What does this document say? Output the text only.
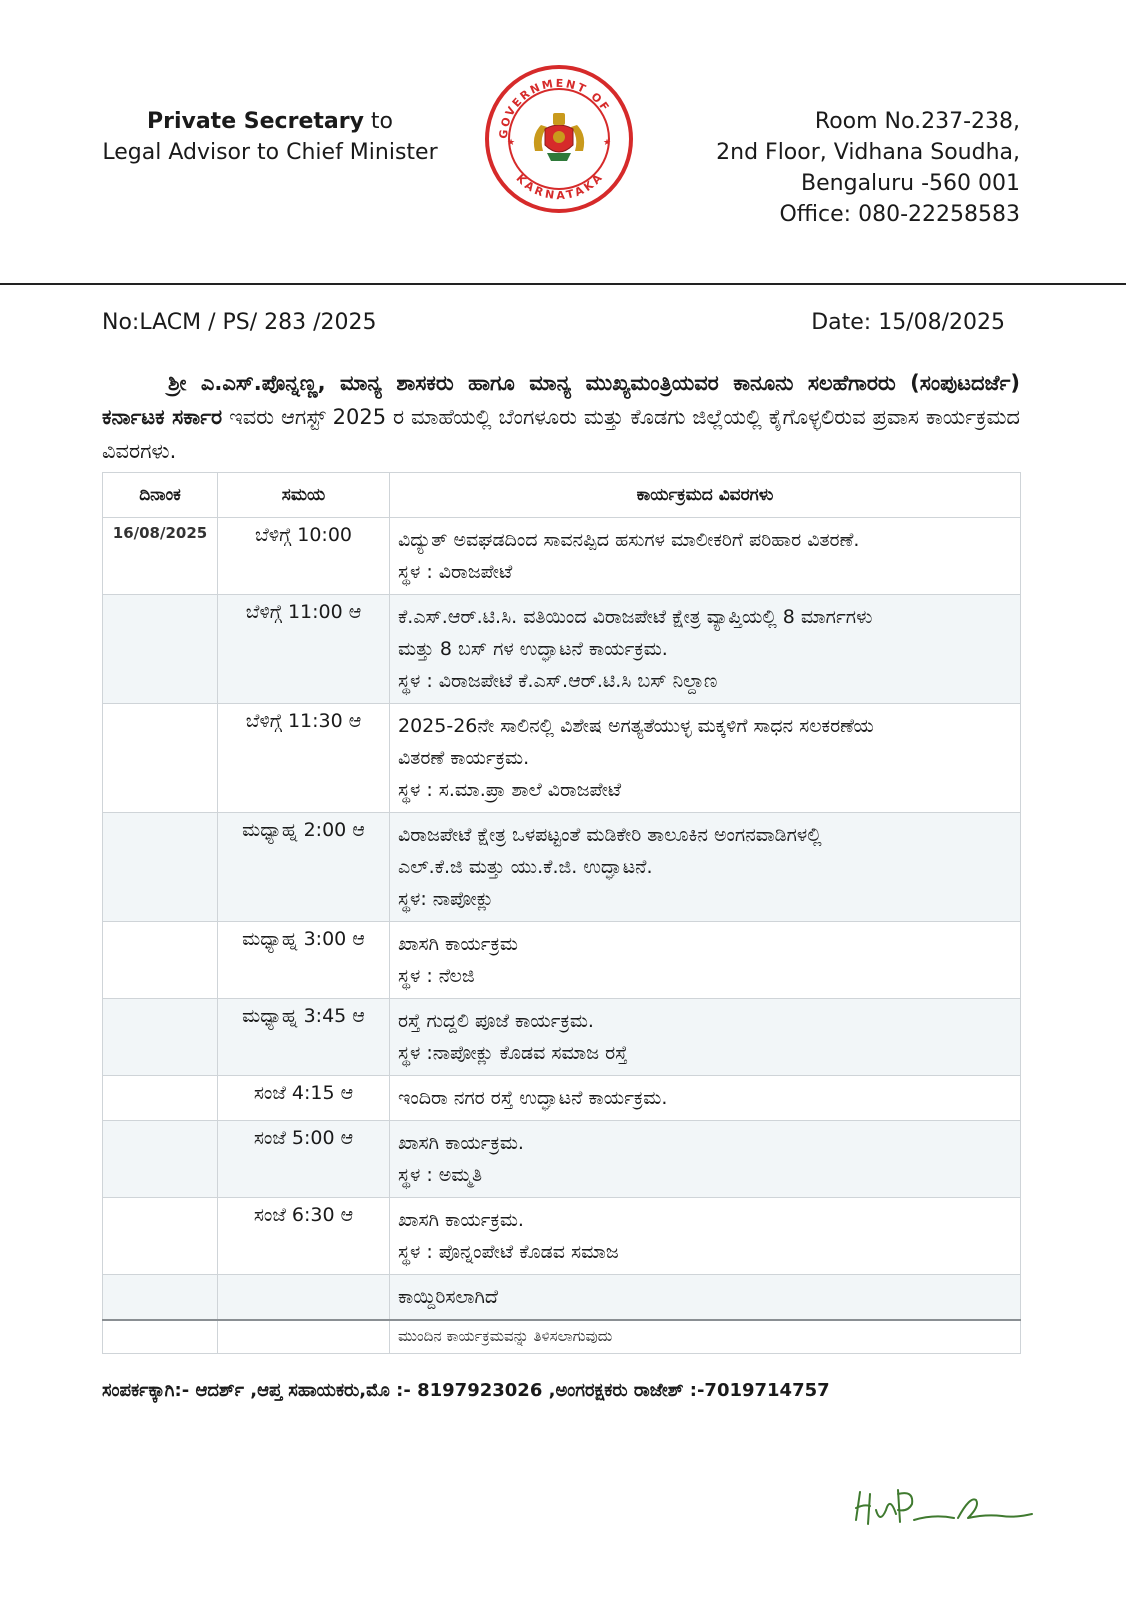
Private Secretary to
Legal Advisor to Chief Minister
GOVERNMENT OF
KARNATAKA
★	★
Room No.237-238,
2nd Floor, Vidhana Soudha,
Bengaluru -560 001
Office: 080-22258583
No:LACM / PS/ 283 /2025	Date: 15/08/2025
ಶ್ರೀ ಎ.ಎಸ್.ಪೊನ್ನಣ್ಣ, ಮಾನ್ಯ ಶಾಸಕರು ಹಾಗೂ ಮಾನ್ಯ ಮುಖ್ಯಮಂತ್ರಿಯವರ ಕಾನೂನು ಸಲಹೆಗಾರರು (ಸಂಪುಟದರ್ಜೆ) ಕರ್ನಾಟಕ ಸರ್ಕಾರ ಇವರು ಆಗಸ್ಟ್ 2025 ರ ಮಾಹೆಯಲ್ಲಿ ಬೆಂಗಳೂರು ಮತ್ತು ಕೊಡಗು ಜಿಲ್ಲೆಯಲ್ಲಿ ಕೈಗೊಳ್ಳಲಿರುವ ಪ್ರವಾಸ ಕಾರ್ಯಕ್ರಮದ ವಿವರಗಳು.
ದಿನಾಂಕ	ಸಮಯ	ಕಾರ್ಯಕ್ರಮದ ವಿವರಗಳು
16/08/2025	ಬೆಳಿಗ್ಗೆ 10:00	ವಿದ್ಯುತ್ ಅವಘಡದಿಂದ ಸಾವನಪ್ಪಿದ ಹಸುಗಳ ಮಾಲೀಕರಿಗೆ ಪರಿಹಾರ ವಿತರಣೆ.
ಸ್ಥಳ : ವಿರಾಜಪೇಟೆ

	ಬೆಳಿಗ್ಗೆ 11:00 ಆ	ಕೆ.ಎಸ್.ಆರ್.ಟಿ.ಸಿ. ವತಿಯಿಂದ ವಿರಾಜಪೇಟೆ ಕ್ಷೇತ್ರ ವ್ಯಾಪ್ತಿಯಲ್ಲಿ 8 ಮಾರ್ಗಗಳು
ಮತ್ತು 8 ಬಸ್ ಗಳ ಉದ್ಘಾಟನೆ ಕಾರ್ಯಕ್ರಮ.
ಸ್ಥಳ : ವಿರಾಜಪೇಟೆ ಕೆ.ಎಸ್.ಆರ್.ಟಿ.ಸಿ ಬಸ್ ನಿಲ್ದಾಣ

	ಬೆಳಿಗ್ಗೆ 11:30 ಆ	2025-26ನೇ ಸಾಲಿನಲ್ಲಿ ವಿಶೇಷ ಅಗತ್ಯತೆಯುಳ್ಳ ಮಕ್ಕಳಿಗೆ ಸಾಧನ ಸಲಕರಣೆಯ
ವಿತರಣೆ ಕಾರ್ಯಕ್ರಮ.
ಸ್ಥಳ : ಸ.ಮಾ.ಪ್ರಾ ಶಾಲೆ ವಿರಾಜಪೇಟೆ

	ಮಧ್ಯಾಹ್ನ 2:00 ಆ	ವಿರಾಜಪೇಟೆ ಕ್ಷೇತ್ರ ಒಳಪಟ್ಟಂತೆ ಮಡಿಕೇರಿ ತಾಲೂಕಿನ ಅಂಗನವಾಡಿಗಳಲ್ಲಿ
ಎಲ್.ಕೆ.ಜಿ ಮತ್ತು ಯು.ಕೆ.ಜಿ. ಉದ್ಘಾಟನೆ.
ಸ್ಥಳ: ನಾಪೋಕ್ಲು

	ಮಧ್ಯಾಹ್ನ 3:00 ಆ	ಖಾಸಗಿ ಕಾರ್ಯಕ್ರಮ
ಸ್ಥಳ : ನೆಲಜಿ

	ಮಧ್ಯಾಹ್ನ 3:45 ಆ	ರಸ್ತೆ ಗುದ್ದಲಿ ಪೂಜೆ ಕಾರ್ಯಕ್ರಮ.
ಸ್ಥಳ :ನಾಪೋಕ್ಲು ಕೊಡವ ಸಮಾಜ ರಸ್ತೆ

	ಸಂಜೆ 4:15 ಆ	ಇಂದಿರಾ ನಗರ ರಸ್ತೆ ಉದ್ಘಾಟನೆ ಕಾರ್ಯಕ್ರಮ.

	ಸಂಜೆ 5:00 ಆ	ಖಾಸಗಿ ಕಾರ್ಯಕ್ರಮ.
ಸ್ಥಳ : ಅಮ್ಮತಿ

	ಸಂಜೆ 6:30 ಆ	ಖಾಸಗಿ ಕಾರ್ಯಕ್ರಮ.
ಸ್ಥಳ : ಪೊನ್ನಂಪೇಟೆ ಕೊಡವ ಸಮಾಜ

		ಕಾಯ್ದಿರಿಸಲಾಗಿದೆ

		ಮುಂದಿನ ಕಾರ್ಯಕ್ರಮವನ್ನು ತಿಳಿಸಲಾಗುವುದು
ಸಂಪರ್ಕಕ್ಕಾಗಿ:- ಆದರ್ಶ್ ,ಆಪ್ತ ಸಹಾಯಕರು,ಮೊ :- 8197923026 ,ಅಂಗರಕ್ಷಕರು ರಾಜೇಶ್ :-7019714757
